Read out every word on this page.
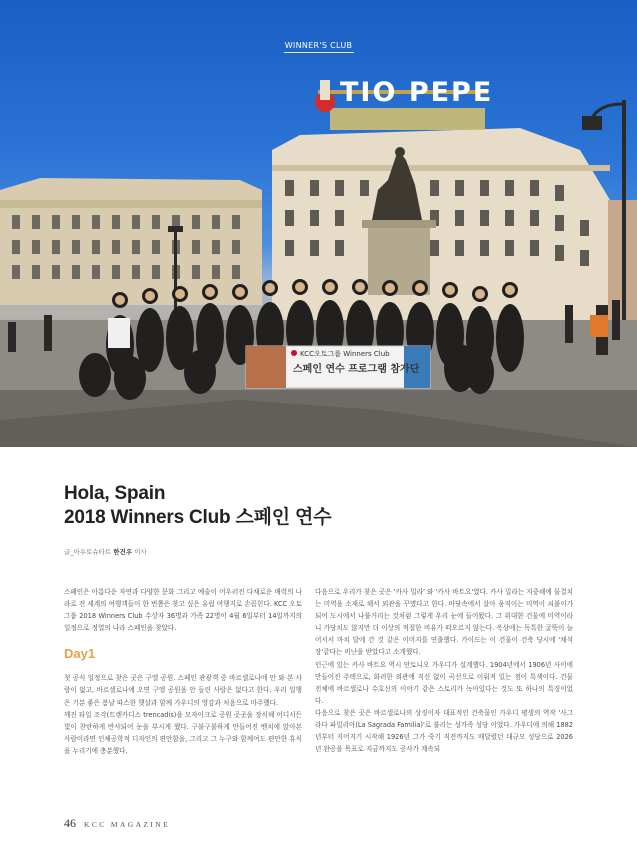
TIO PEPE
KCC오토그룹 Winners Club
스페인 연수 프로그램 참가단
WINNER'S CLUB
Hola, Spain
2018 Winners Club 스페인 연수
글_아우토슈타트 한건우 이사

스페인은 아름다운 자연과 다양한 문화 그리고 예술이 어우러진 다채로운 매력의 나라로 전 세계의 여행객들이 한 번쯤은 찾고 싶은 유럽 여행지로 손꼽힌다. KCC 오토그룹 2018 Winners Club 수상자 36명과 가족 22명이 4월 6일부터 14일까지의 일정으로 정열의 나라 스페인을 찾았다.

Day1

첫 공식 일정으로 찾은 곳은 구엘 공원. 스페인 관광객 중 바르셀로나에 안 와 본 사람이 없고, 바르셀로나에 오면 구엘 공원을 안 들린 사람은 없다고 한다. 우리 일행은 기분 좋은 봄날 따스한 햇살과 함께 가우디의 영감과 처음으로 마주했다.

깨진 타일 조각(트렌카디스 trencadis)을 모자이크로 공원 곳곳을 장식해 어디서든 빛이 찬란하게 반사되어 눈을 부시게 했다. 구불구불하게 만들어진 벤치에 앉아본 사람이라면 인체공학적 디자인의 편안함을, 그리고 그 누구와 함께여도 편안한 휴식을 누리기에 충분했다.

다음으로 우리가 찾은 곳은 '카사 밀라' 와 '카사 바트요'였다. 카사 밀라는 지중해에 물결치는 미역을 소재로 해서 외관을 꾸몄다고 한다. 바닷속에서 살아 움직이는 미역이 쇠붙이가 되어 도시에서 나풀거리는 것처럼 그렇게 우리 눈에 들어왔다. 그 위대한 건물에 미역이라니 가당치도 않지만 더 이상의 적절한 비유가 떠오르지 않는다. 옥상에는 독특한 굴뚝이 늘어서서 마치 달에 간 것 같은 이미지를 연출했다. 가이드는 이 건물이 건축 당시에 '채석장'같다는 비난을 받았다고 소개했다.

인근에 있는 카사 바트요 역시 안토니오 가우디가 설계했다. 1904년에서 1906년 사이에 만들어진 주택으로, 화려한 외관에 직선 없이 곡선으로 이뤄져 있는 점이 특색이다. 건물 전체에 바르셀로나 수호신의 이야기 같은 스토리가 녹아있다는 것도 또 하나의 특징이었다.

다음으로 찾은 곳은 바르셀로나의 상징이자 대표적인 건축물인 가우디 평생의 역작 '사그라다 파밀리아(La Sagrada Familia)'로 불리는 성가족 성당 이었다. 가우디에 의해 1882년부터 지어지기 시작해 1926년 그가 죽기 직전까지도 매달렸던 대규모 성당으로 2026년 완공을 목표로 지금까지도 공사가 계속되

46 KCC MAGAZINE
